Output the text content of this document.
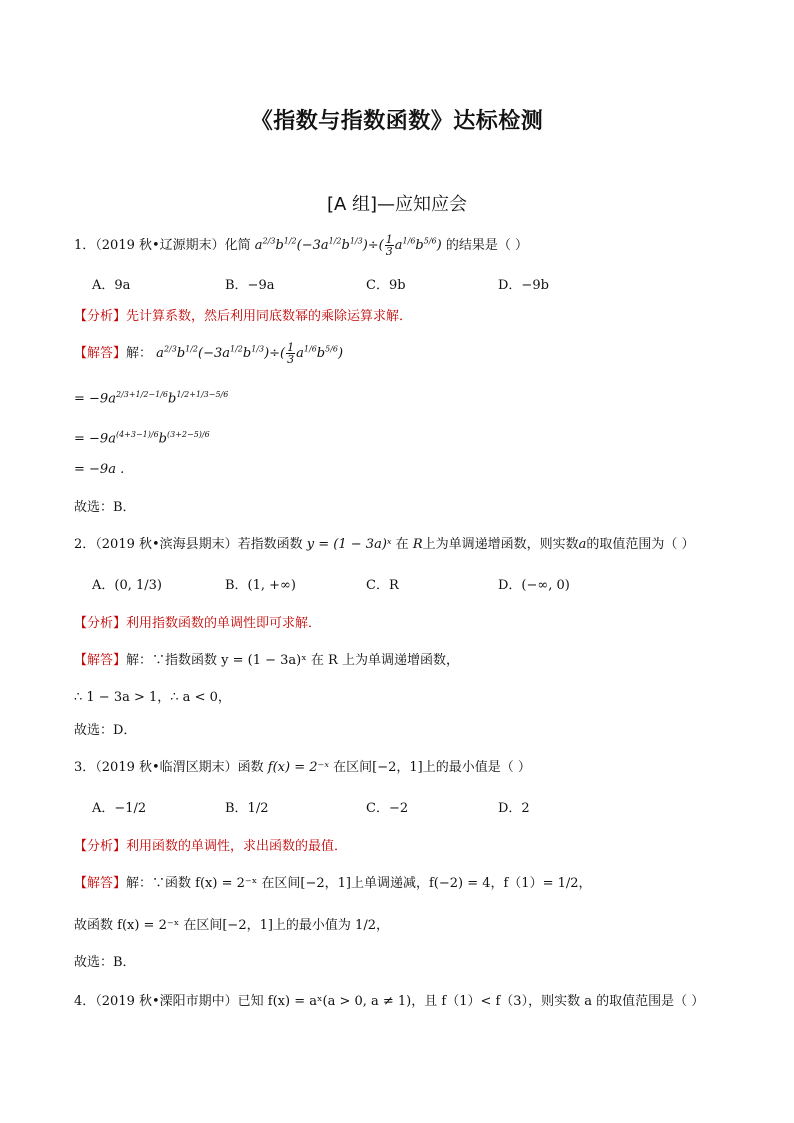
《指数与指数函数》达标检测
[A 组]—应知应会
1．（2019 秋•辽源期末）化简 $a^{2/3}b^{1/2}(-3a^{1/2}b^{1/3})\div( \frac{1}{3} a^{1/6}b^{5/6})$ 的结果是（ ）
A．9a	B．−9a	C．9b	D．−9b
【分析】先计算系数，然后利用同底数幂的乘除运算求解．
【解答】解： $a^{2/3}b^{1/2}(-3a^{1/2}b^{1/3})\div( \frac{1}{3} a^{1/6}b^{5/6})$
= $-9a^{2/3+1/2-1/6}b^{1/2+1/3-5/6}$
= $-9a^{(4+3-1)/6}b^{(3+2-5)/6}$
= −9a .
故选：B．
2．（2019 秋•滨海县期末）若指数函数 y = (1 − 3a)ˣ 在 R上为单调递增函数，则实数a的取值范围为（ ）
A．(0, 1/3)	B．(1, +∞)	C．R	D．(−∞, 0)
【分析】利用指数函数的单调性即可求解．
【解答】解：∵指数函数 y = (1 − 3a)ˣ 在 R 上为单调递增函数，
∴ 1 − 3a > 1，∴ a < 0，
故选：D．
3．（2019 秋•临渭区期末）函数 f(x) = 2⁻ˣ 在区间[−2，1]上的最小值是（ ）
A．−1/2	B．1/2	C．−2	D．2
【分析】利用函数的单调性，求出函数的最值．
【解答】解：∵函数 f(x) = 2⁻ˣ 在区间[−2，1]上单调递减，f(−2) = 4，f（1）= 1/2，
故函数 f(x) = 2⁻ˣ 在区间[−2，1]上的最小值为 1/2，
故选：B．
4．（2019 秋•溧阳市期中）已知 f(x) = aˣ(a > 0, a ≠ 1)，且 f（1）< f（3），则实数 a 的取值范围是（ ）
